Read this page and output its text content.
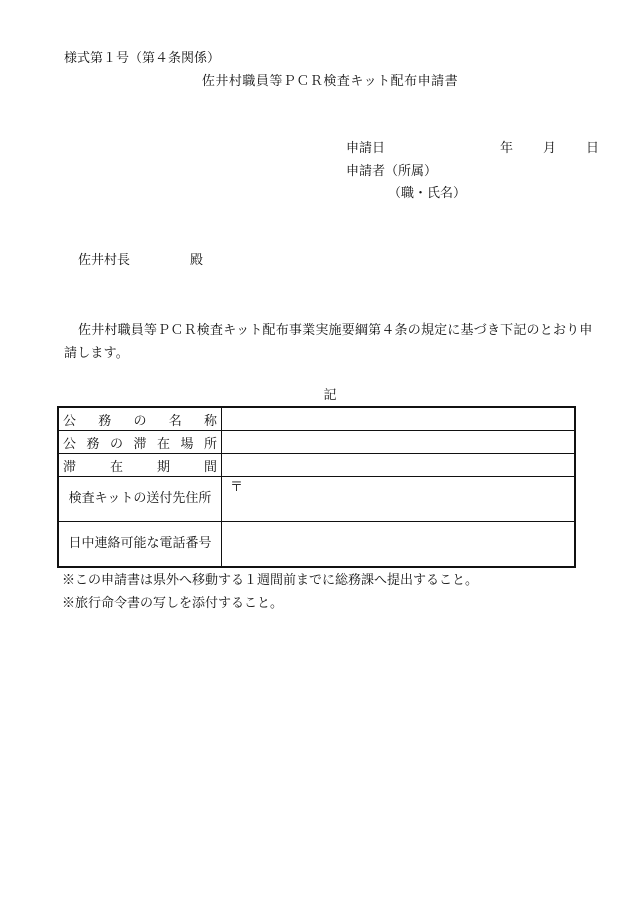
様式第１号（第４条関係）
佐井村職員等ＰＣＲ検査キット配布申請書
申請日	年 月 日
申請者（所属）
（職・氏名）
佐井村長	殿
佐井村職員等ＰＣＲ検査キット配布事業実施要綱第４条の規定に基づき下記のとおり申請します。
記
公務の名称	
公務の滞在場所	
滞在期間	
検査キットの送付先住所	〒
日中連絡可能な電話番号	
※この申請書は県外へ移動する１週間前までに総務課へ提出すること。
※旅行命令書の写しを添付すること。
